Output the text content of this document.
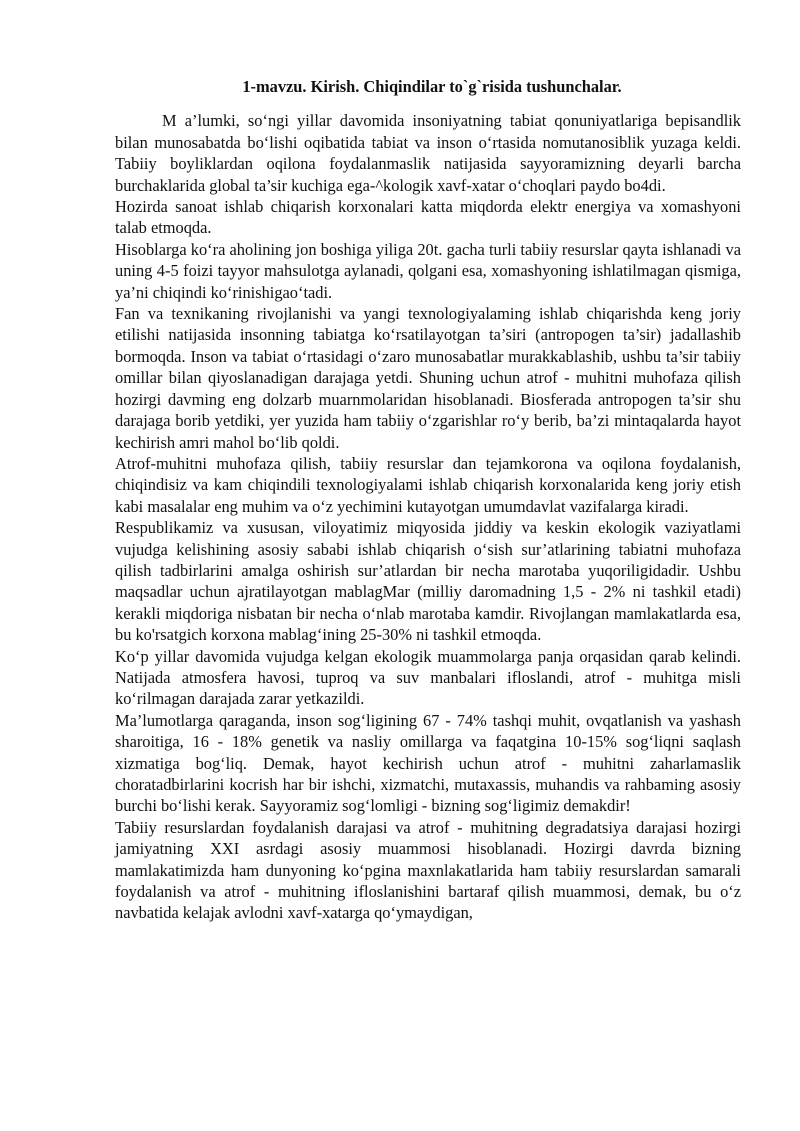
1-mavzu. Kirish. Chiqindilar to`g`risida tushunchalar.

M a’lumki, so‘ngi yillar davomida insoniyatning tabiat qonuniyatlariga bepisandlik bilan munosabatda bo‘lishi oqibatida tabiat va inson o‘rtasida nomutanosiblik yuzaga keldi. Tabiiy boyliklardan oqilona foydalanmaslik natijasida sayyoramizning deyarli barcha burchaklarida global ta’sir kuchiga ega-^kologik xavf-xatar o‘choqlari paydo bo4di.

Hozirda sanoat ishlab chiqarish korxonalari katta miqdorda elektr energiya va xomashyoni talab etmoqda.

Hisoblarga ko‘ra aholining jon boshiga yiliga 20t. gacha turli tabiiy resurslar qayta ishlanadi va uning 4-5 foizi tayyor mahsulotga aylanadi, qolgani esa, xomashyoning ishlatilmagan qismiga, ya’ni chiqindi ko‘rinishigao‘tadi.

Fan va texnikaning rivojlanishi va yangi texnologiyalaming ishlab chiqarishda keng joriy etilishi natijasida insonning tabiatga ko‘rsatilayotgan ta’siri (antropogen ta’sir) jadallashib bormoqda. Inson va tabiat o‘rtasidagi o‘zaro munosabatlar murakkablashib, ushbu ta’sir tabiiy omillar bilan qiyoslanadigan darajaga yetdi. Shuning uchun atrof - muhitni muhofaza qilish hozirgi davming eng dolzarb muarnmolaridan hisoblanadi. Biosferada antropogen ta’sir shu darajaga borib yetdiki, yer yuzida ham tabiiy o‘zgarishlar ro‘y berib, ba’zi mintaqalarda hayot kechirish amri mahol bo‘lib qoldi.

Atrof-muhitni muhofaza qilish, tabiiy resurslar dan tejamkorona va oqilona foydalanish, chiqindisiz va kam chiqindili texnologiyalami ishlab chiqarish korxonalarida keng joriy etish kabi masalalar eng muhim va o‘z yechimini kutayotgan umumdavlat vazifalarga kiradi.

Respublikamiz va xususan, viloyatimiz miqyosida jiddiy va keskin ekologik vaziyatlami vujudga kelishining asosiy sababi ishlab chiqarish o‘sish sur’atlarining tabiatni muhofaza qilish tadbirlarini amalga oshirish sur’atlardan bir necha marotaba yuqoriligidadir. Ushbu maqsadlar uchun ajratilayotgan mablagMar (milliy daromadning 1,5 - 2% ni tashkil etadi) kerakli miqdoriga nisbatan bir necha o‘nlab marotaba kamdir. Rivojlangan mamlakatlarda esa, bu ko'rsatgich korxona mablag‘ining 25-30% ni tashkil etmoqda.

Ko‘p yillar davomida vujudga kelgan ekologik muammolarga panja orqasidan qarab kelindi. Natijada atmosfera havosi, tuproq va suv manbalari ifloslandi, atrof - muhitga misli ko‘rilmagan darajada zarar yetkazildi.

Ma’lumotlarga qaraganda, inson sog‘ligining 67 - 74% tashqi muhit, ovqatlanish va yashash sharoitiga, 16 - 18% genetik va nasliy omillarga va faqatgina 10-15% sog‘liqni saqlash xizmatiga bog‘liq. Demak, hayot kechirish uchun atrof - muhitni zaharlamaslik choratadbirlarini kocrish har bir ishchi, xizmatchi, mutaxassis, muhandis va rahbaming asosiy burchi bo‘lishi kerak. Sayyoramiz sog‘lomligi - bizning sog‘ligimiz demakdir!

Tabiiy resurslardan foydalanish darajasi va atrof - muhitning degradatsiya darajasi hozirgi jamiyatning XXI asrdagi asosiy muammosi hisoblanadi. Hozirgi davrda bizning mamlakatimizda ham dunyoning ko‘pgina maxnlakatlarida ham tabiiy resurslardan samarali foydalanish va atrof - muhitning ifloslanishini bartaraf qilish muammosi, demak, bu o‘z navbatida kelajak avlodni xavf-xatarga qo‘ymaydigan,
